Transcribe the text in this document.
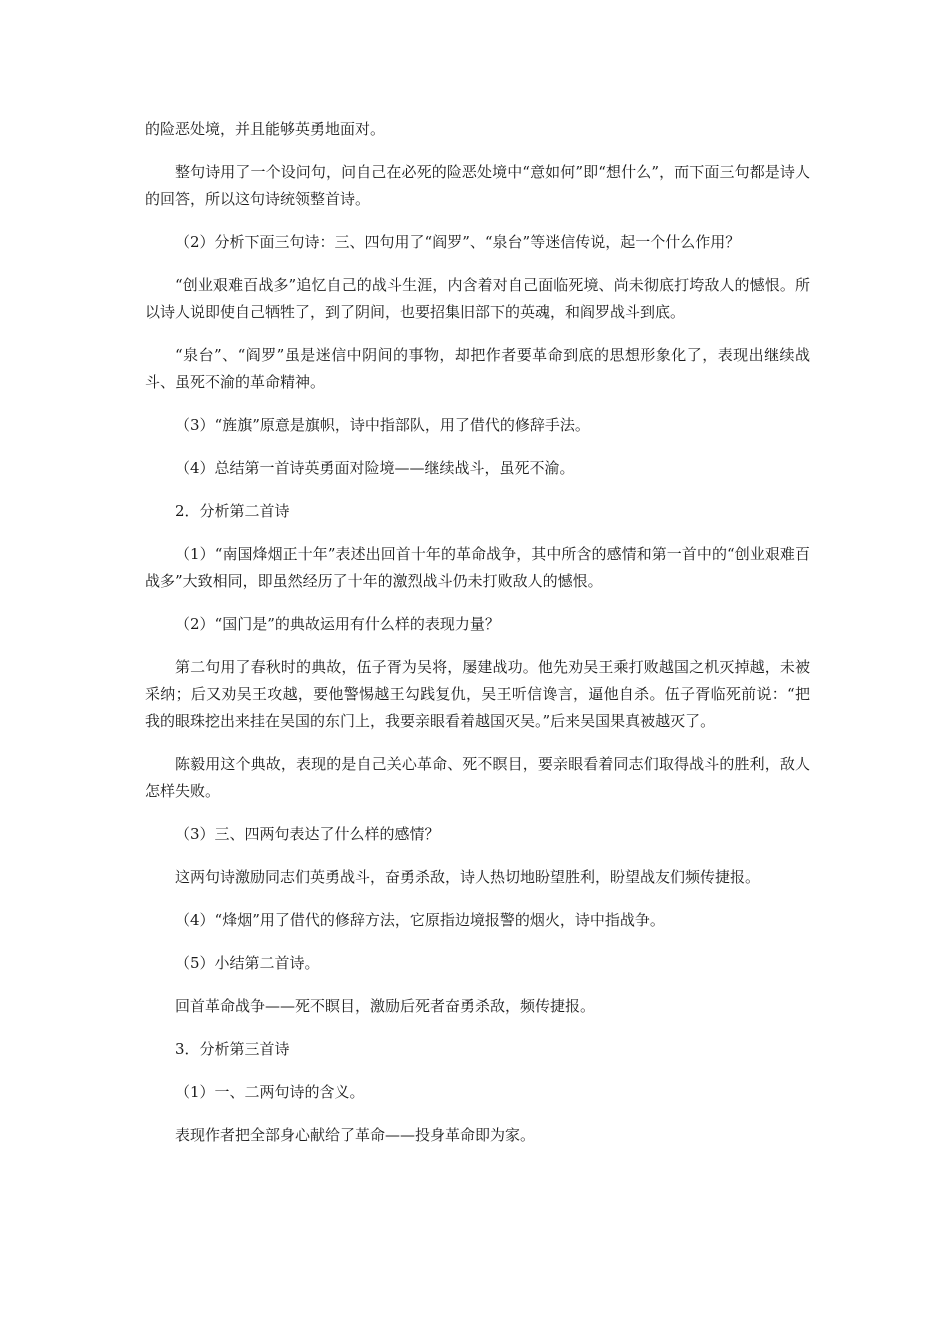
的险恶处境，并且能够英勇地面对。

整句诗用了一个设问句，问自己在必死的险恶处境中“意如何”即“想什么”，而下面三句都是诗人的回答，所以这句诗统领整首诗。

（2）分析下面三句诗：三、四句用了“阎罗”、“泉台”等迷信传说，起一个什么作用？

“创业艰难百战多”追忆自己的战斗生涯，内含着对自己面临死境、尚未彻底打垮敌人的憾恨。所以诗人说即使自己牺牲了，到了阴间，也要招集旧部下的英魂，和阎罗战斗到底。

“泉台”、“阎罗”虽是迷信中阴间的事物，却把作者要革命到底的思想形象化了，表现出继续战斗、虽死不渝的革命精神。

（3）“旌旗”原意是旗帜，诗中指部队，用了借代的修辞手法。

（4）总结第一首诗英勇面对险境——继续战斗，虽死不渝。

2．分析第二首诗

（1）“南国烽烟正十年”表述出回首十年的革命战争，其中所含的感情和第一首中的“创业艰难百战多”大致相同，即虽然经历了十年的激烈战斗仍未打败敌人的憾恨。

（2）“国门是”的典故运用有什么样的表现力量？

第二句用了春秋时的典故，伍子胥为吴将，屡建战功。他先劝吴王乘打败越国之机灭掉越，未被采纳；后又劝吴王攻越，要他警惕越王勾践复仇，吴王听信谗言，逼他自杀。伍子胥临死前说：“把我的眼珠挖出来挂在吴国的东门上，我要亲眼看着越国灭吴。”后来吴国果真被越灭了。

陈毅用这个典故，表现的是自己关心革命、死不瞑目，要亲眼看着同志们取得战斗的胜利，敌人怎样失败。

（3）三、四两句表达了什么样的感情？

这两句诗激励同志们英勇战斗，奋勇杀敌，诗人热切地盼望胜利，盼望战友们频传捷报。

（4）“烽烟”用了借代的修辞方法，它原指边境报警的烟火，诗中指战争。

（5）小结第二首诗。

回首革命战争——死不瞑目，激励后死者奋勇杀敌，频传捷报。

3．分析第三首诗

（1）一、二两句诗的含义。

表现作者把全部身心献给了革命——投身革命即为家。
